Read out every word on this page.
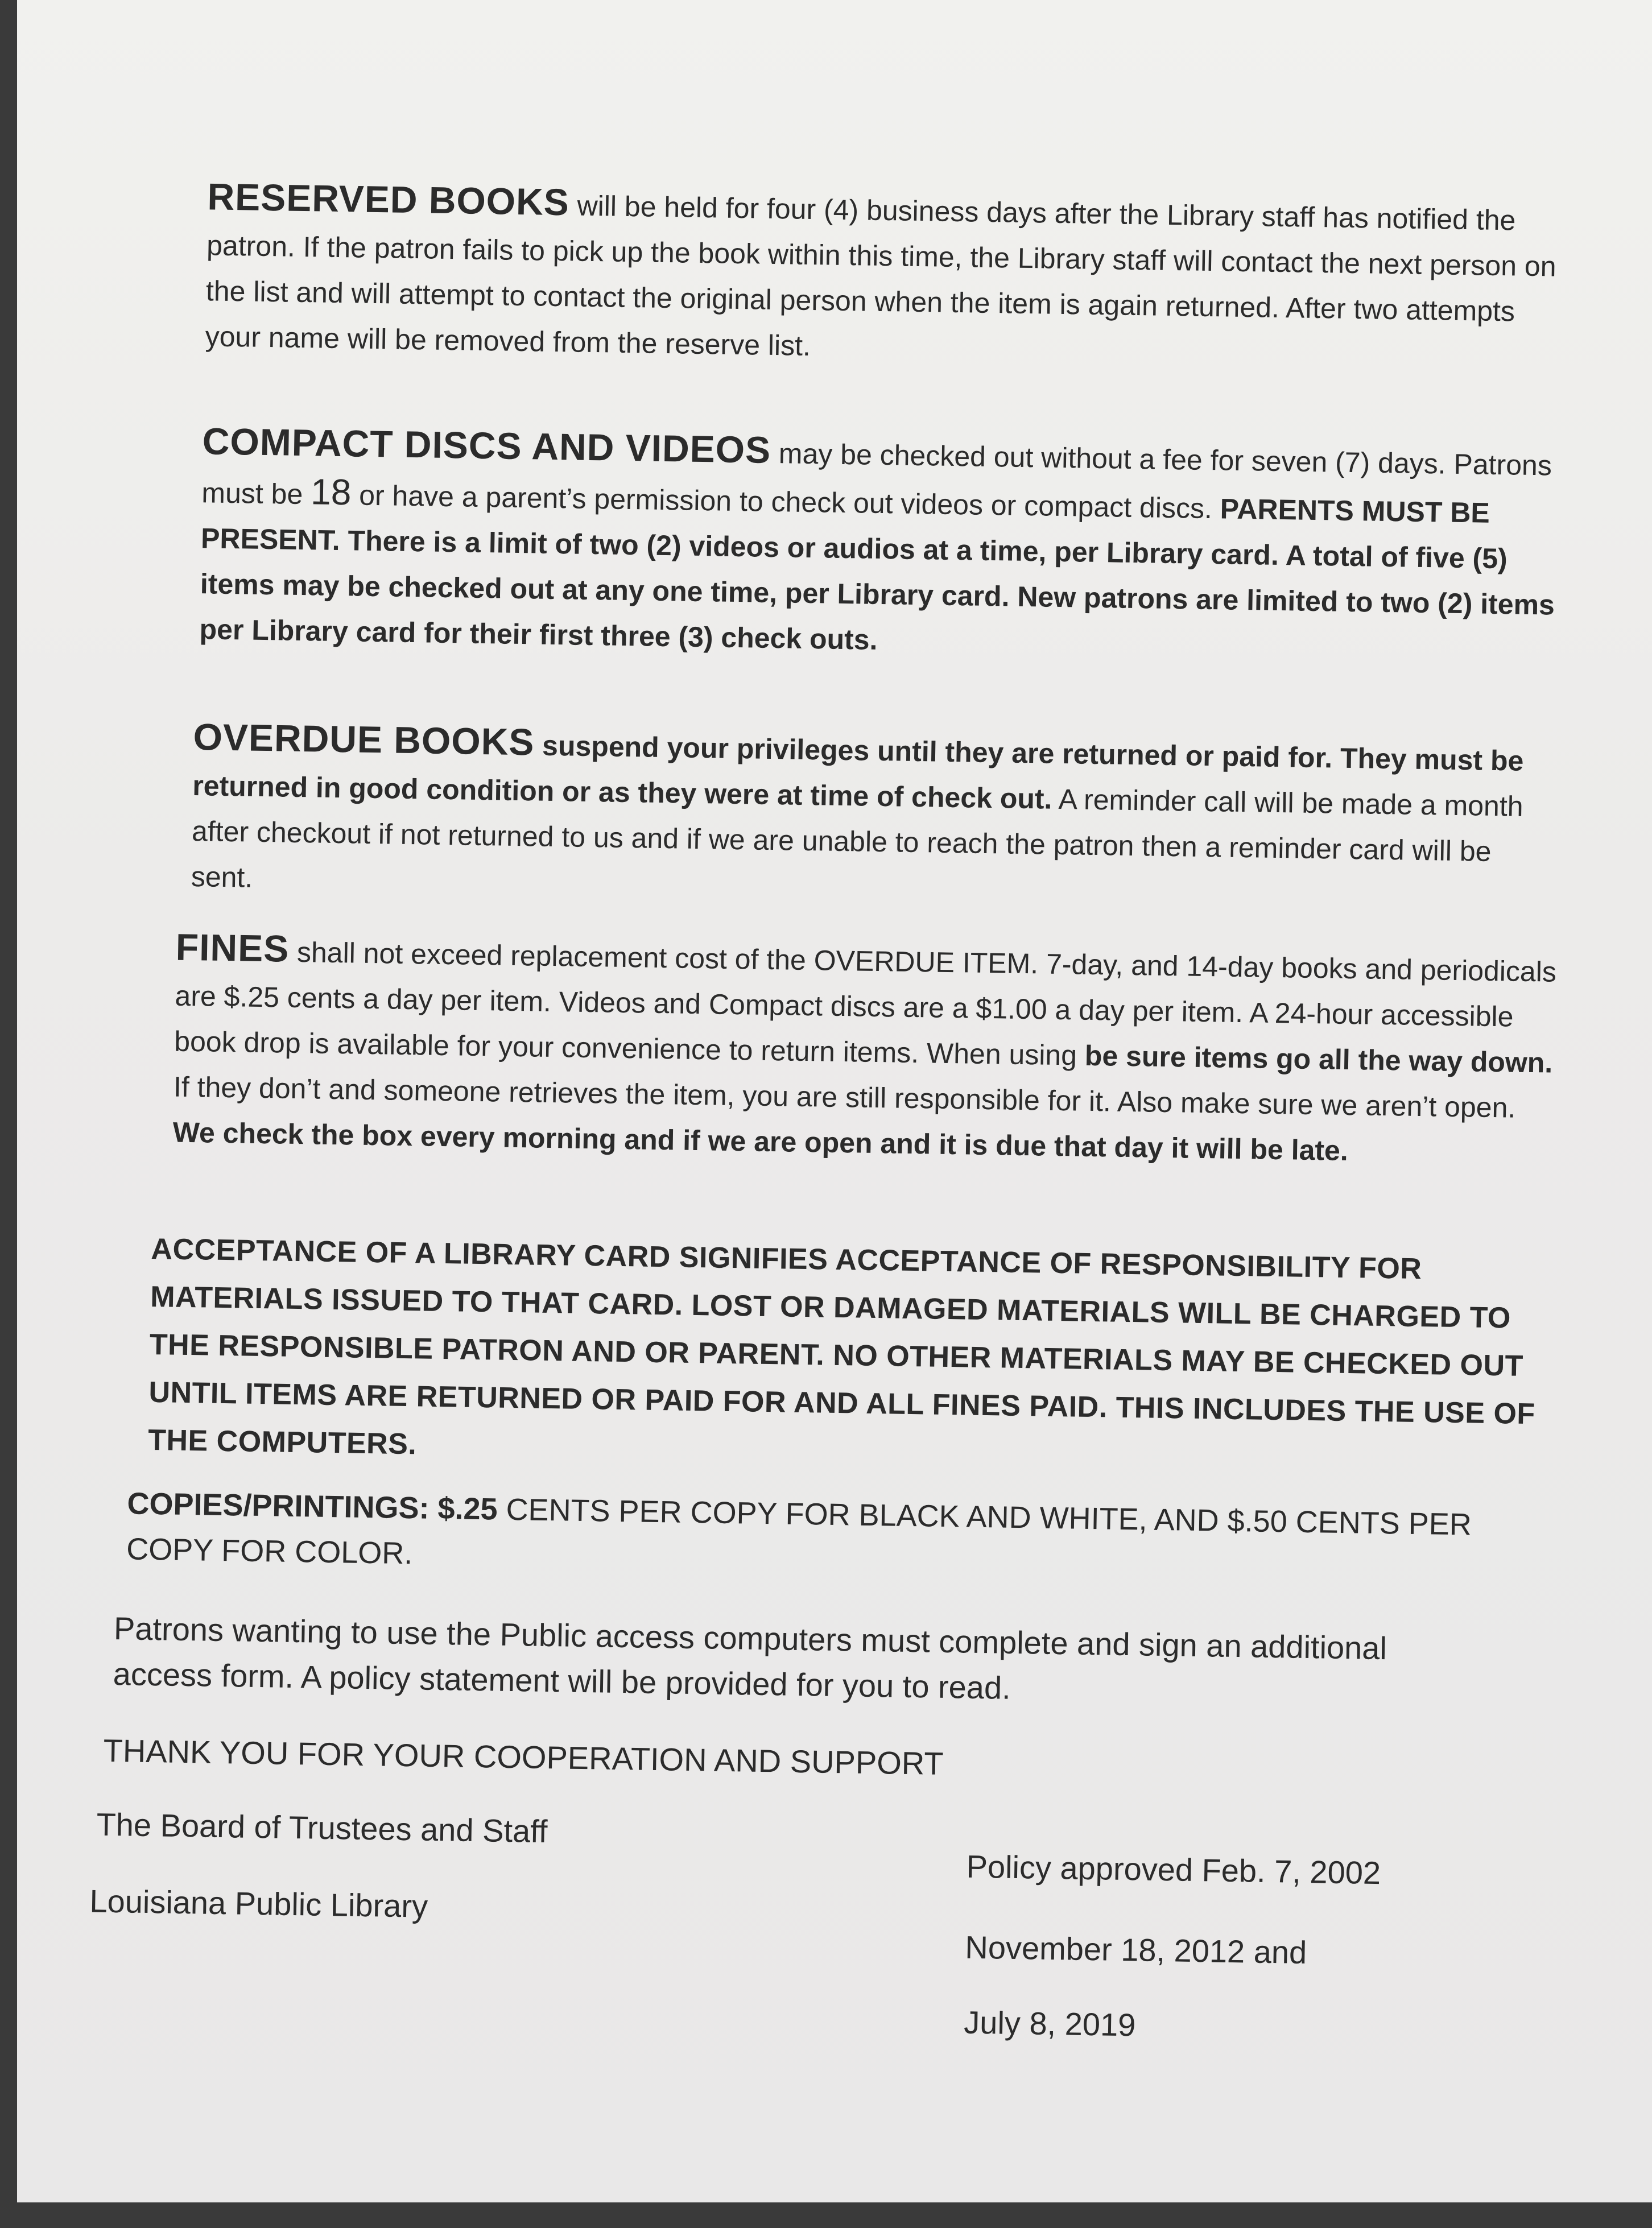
RESERVED BOOKS will be held for four (4) business days after the Library staff has notified the patron. If the patron fails to pick up the book within this time, the Library staff will contact the next person on the list and will attempt to contact the original person when the item is again returned. After two attempts your name will be removed from the reserve list.

COMPACT DISCS AND VIDEOS may be checked out without a fee for seven (7) days. Patrons must be 18 or have a parent’s permission to check out videos or compact discs. PARENTS MUST BE PRESENT. There is a limit of two (2) videos or audios at a time, per Library card. A total of five (5) items may be checked out at any one time, per Library card. New patrons are limited to two (2) items per Library card for their first three (3) check outs.

OVERDUE BOOKS suspend your privileges until they are returned or paid for. They must be returned in good condition or as they were at time of check out. A reminder call will be made a month after checkout if not returned to us and if we are unable to reach the patron then a reminder card will be sent.

FINES shall not exceed replacement cost of the OVERDUE ITEM. 7-day, and 14-day books and periodicals are $.25 cents a day per item. Videos and Compact discs are a $1.00 a day per item. A 24-hour accessible book drop is available for your convenience to return items. When using be sure items go all the way down. If they don’t and someone retrieves the item, you are still responsible for it. Also make sure we aren’t open. We check the box every morning and if we are open and it is due that day it will be late.

ACCEPTANCE OF A LIBRARY CARD SIGNIFIES ACCEPTANCE OF RESPONSIBILITY FOR MATERIALS ISSUED TO THAT CARD. LOST OR DAMAGED MATERIALS WILL BE CHARGED TO THE RESPONSIBLE PATRON AND OR PARENT. NO OTHER MATERIALS MAY BE CHECKED OUT UNTIL ITEMS ARE RETURNED OR PAID FOR AND ALL FINES PAID. THIS INCLUDES THE USE OF THE COMPUTERS.

COPIES/PRINTINGS: $.25 CENTS PER COPY FOR BLACK AND WHITE, AND $.50 CENTS PER COPY FOR COLOR.

Patrons wanting to use the Public access computers must complete and sign an additional access form. A policy statement will be provided for you to read.

THANK YOU FOR YOUR COOPERATION AND SUPPORT

The Board of Trustees and Staff

Louisiana Public Library

Policy approved Feb. 7, 2002

November 18, 2012 and

July 8, 2019
